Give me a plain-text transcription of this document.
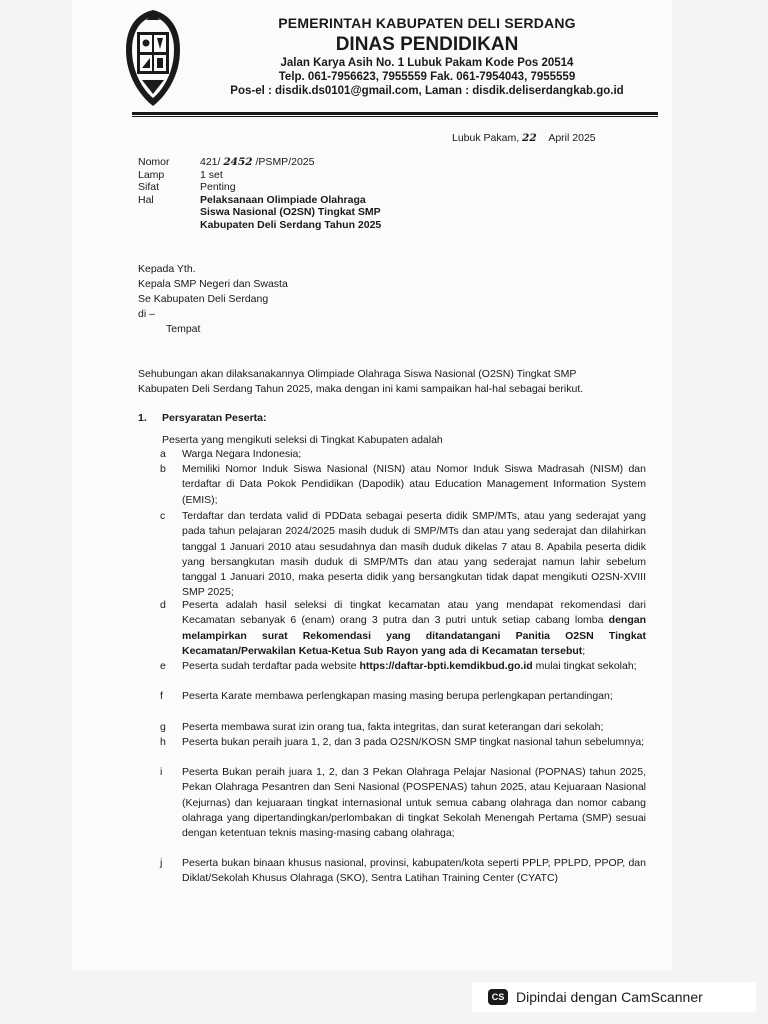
PEMERINTAH KABUPATEN DELI SERDANG

DINAS PENDIDIKAN

Jalan Karya Asih No. 1 Lubuk Pakam Kode Pos 20514

Telp. 061-7956623, 7955559 Fak. 061-7954043, 7955559

Pos-el : disdik.ds0101@gmail.com, Laman : disdik.deliserdangkab.go.id

Lubuk Pakam, 22 April 2025
Nomor	421/ 2452 /PSMP/2025
Lamp	1 set
Sifat	Penting
Hal	Pelaksanaan Olimpiade Olahraga
Siswa Nasional (O2SN) Tingkat SMP
Kabupaten Deli Serdang Tahun 2025
Kepada Yth.
Kepala SMP Negeri dan Swasta
Se Kabupaten Deli Serdang
di –
Tempat
Sehubungan akan dilaksanakannya Olimpiade Olahraga Siswa Nasional (O2SN) Tingkat SMP Kabupaten Deli Serdang Tahun 2025, maka dengan ini kami sampaikan hal-hal sebagai berikut.
1.	Persyaratan Peserta:
Peserta yang mengikuti seleksi di Tingkat Kabupaten adalah
a	Warga Negara Indonesia;
b	Memiliki Nomor Induk Siswa Nasional (NISN) atau Nomor Induk Siswa Madrasah (NISM) dan terdaftar di Data Pokok Pendidikan (Dapodik) atau Education Management Information System (EMIS);
c	Terdaftar dan terdata valid di PDData sebagai peserta didik SMP/MTs, atau yang sederajat yang pada tahun pelajaran 2024/2025 masih duduk di SMP/MTs dan atau yang sederajat dan dilahirkan tanggal 1 Januari 2010 atau sesudahnya dan masih duduk dikelas 7 atau 8. Apabila peserta didik yang bersangkutan masih duduk di SMP/MTs dan atau yang sederajat namun lahir sebelum tanggal 1 Januari 2010, maka peserta didik yang bersangkutan tidak dapat mengikuti O2SN-XVIII SMP 2025;
d	Peserta adalah hasil seleksi di tingkat kecamatan atau yang mendapat rekomendasi dari Kecamatan sebanyak 6 (enam) orang 3 putra dan 3 putri untuk setiap cabang lomba dengan melampirkan surat Rekomendasi yang ditandatangani Panitia O2SN Tingkat Kecamatan/Perwakilan Ketua-Ketua Sub Rayon yang ada di Kecamatan tersebut;
e	Peserta sudah terdaftar pada website https://daftar-bpti.kemdikbud.go.id mulai tingkat sekolah;
f	Peserta Karate membawa perlengkapan masing masing berupa perlengkapan pertandingan;
g	Peserta membawa surat izin orang tua, fakta integritas, dan surat keterangan dari sekolah;
h	Peserta bukan peraih juara 1, 2, dan 3 pada O2SN/KOSN SMP tingkat nasional tahun sebelumnya;
i	Peserta Bukan peraih juara 1, 2, dan 3 Pekan Olahraga Pelajar Nasional (POPNAS) tahun 2025, Pekan Olahraga Pesantren dan Seni Nasional (POSPENAS) tahun 2025, atau Kejuaraan Nasional (Kejurnas) dan kejuaraan tingkat internasional untuk semua cabang olahraga dan nomor cabang olahraga yang dipertandingkan/perlombakan di tingkat Sekolah Menengah Pertama (SMP) sesuai dengan ketentuan teknis masing-masing cabang olahraga;
j	Peserta bukan binaan khusus nasional, provinsi, kabupaten/kota seperti PPLP, PPLPD, PPOP, dan Diklat/Sekolah Khusus Olahraga (SKO), Sentra Latihan Training Center (CYATC)
CS Dipindai dengan CamScanner
